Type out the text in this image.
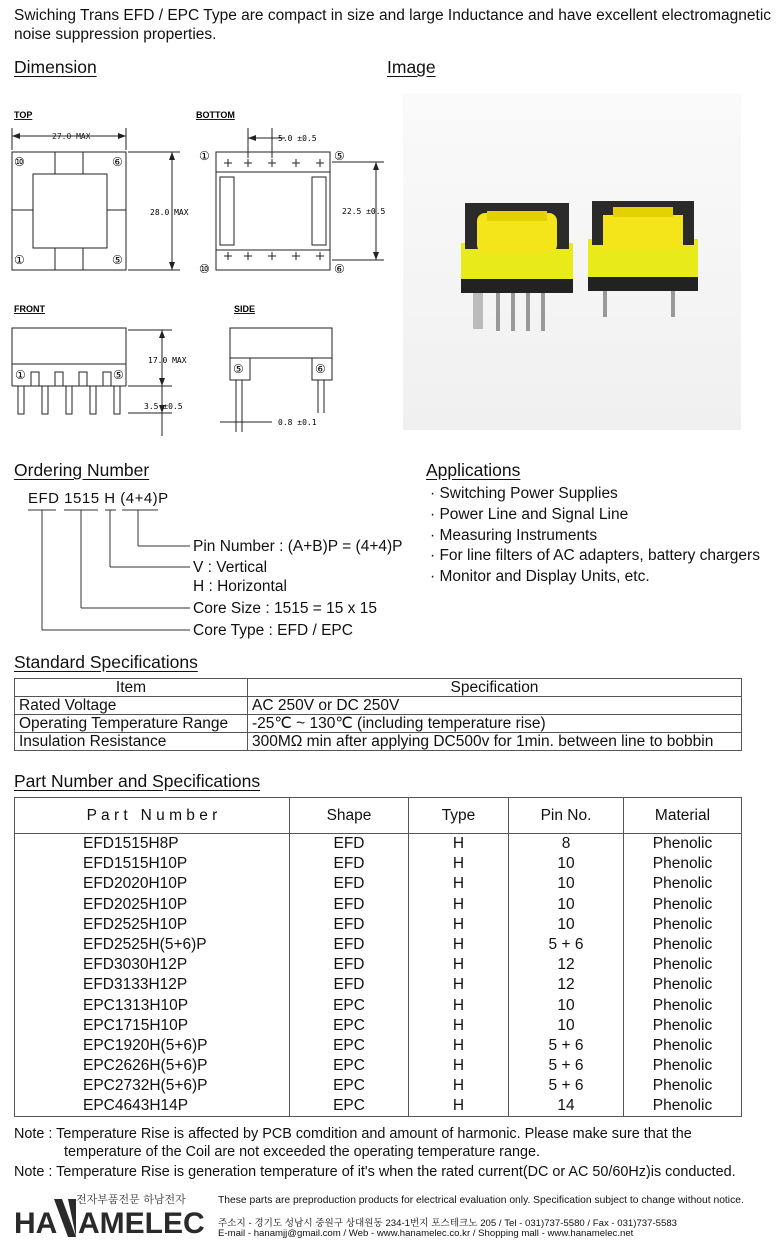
Swiching Trans EFD / EPC Type are compact in size and large Inductance and have excellent electromagnetic noise suppression properties.
Dimension	Image
TOP	BOTTOM
FRONT	SIDE
27.0 MAX
28.0 MAX
5.0 ±0.5
22.5 ±0.5
17.0 MAX
3.5 ±0.5
0.8 ±0.1
⑩	⑥
①	⑤
①	⑤
⑩	⑥
①	⑤	⑤	⑥
Ordering Number
EFD 1515 H (4+4)P
Pin Number : (A+B)P = (4+4)P
V : Vertical
H : Horizontal
Core Size : 1515 = 15 x 15
Core Type : EFD / EPC
Applications
· Switching Power Supplies
· Power Line and Signal Line
· Measuring Instruments
· For line filters of AC adapters, battery chargers
· Monitor and Display Units, etc.
Standard Specifications
Item	Specification
Rated Voltage	AC 250V or DC 250V
Operating Temperature Range	-25℃ ~ 130℃ (including temperature rise)
Insulation Resistance	300MΩ min after applying DC500v for 1min. between line to bobbin
Part Number and Specifications
P a r t   N u m b e r	Shape	Type	Pin No.	Material
EFD1515H8P	EFD	H	8	Phenolic
EFD1515H10P	EFD	H	10	Phenolic
EFD2020H10P	EFD	H	10	Phenolic
EFD2025H10P	EFD	H	10	Phenolic
EFD2525H10P	EFD	H	10	Phenolic
EFD2525H(5+6)P	EFD	H	5 + 6	Phenolic
EFD3030H12P	EFD	H	12	Phenolic
EFD3133H12P	EFD	H	12	Phenolic
EPC1313H10P	EPC	H	10	Phenolic
EPC1715H10P	EPC	H	10	Phenolic
EPC1920H(5+6)P	EPC	H	5 + 6	Phenolic
EPC2626H(5+6)P	EPC	H	5 + 6	Phenolic
EPC2732H(5+6)P	EPC	H	5 + 6	Phenolic
EPC4643H14P	EPC	H	14	Phenolic
Note : Temperature Rise is affected by PCB comdition and amount of harmonic. Please make sure that the
temperature of the Coil are not exceeded the operating temperature range.
Note : Temperature Rise is generation temperature of it's when the rated current(DC or AC 50/60Hz)is conducted.
HA AMELEC
전자부품전문 하남전자	These parts are preproduction products for electrical evaluation only. Specification subject to change without notice.
주소지 - 경기도 성남시 중원구 상대원동 234-1번지 포스테크노 205 / Tel - 031)737-5580 / Fax - 031)737-5583
E-mail - hanamjj@gmail.com / Web - www.hanamelec.co.kr / Shopping mall - www.hanamelec.net
